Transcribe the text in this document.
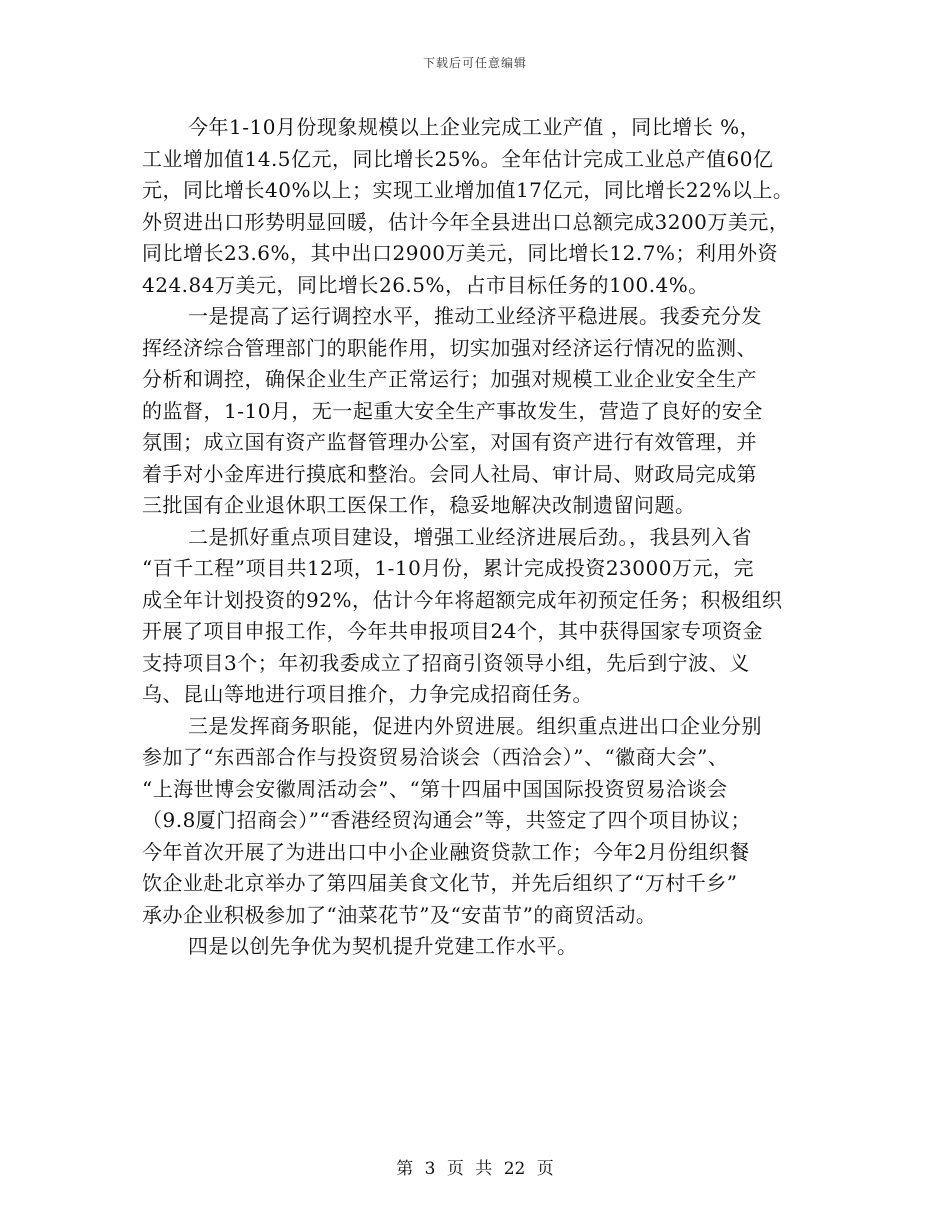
下载后可任意编辑
今年1-10月份现象规模以上企业完成工业产值 ，同比增长 %，
工业增加值14.5亿元，同比增长25%。全年估计完成工业总产值60亿
元，同比增长40%以上；实现工业增加值17亿元，同比增长22%以上。
外贸进出口形势明显回暖，估计今年全县进出口总额完成3200万美元，
同比增长23.6%，其中出口2900万美元，同比增长12.7%；利用外资
424.84万美元，同比增长26.5%，占市目标任务的100.4%。
一是提高了运行调控水平，推动工业经济平稳进展。我委充分发
挥经济综合管理部门的职能作用，切实加强对经济运行情况的监测、
分析和调控，确保企业生产正常运行；加强对规模工业企业安全生产
的监督，1-10月，无一起重大安全生产事故发生，营造了良好的安全
氛围；成立国有资产监督管理办公室，对国有资产进行有效管理，并
着手对小金库进行摸底和整治。会同人社局、审计局、财政局完成第
三批国有企业退休职工医保工作，稳妥地解决改制遗留问题。
二是抓好重点项目建设，增强工业经济进展后劲。，我县列入省
“百千工程”项目共12项，1-10月份，累计完成投资23000万元，完
成全年计划投资的92%，估计今年将超额完成年初预定任务；积极组织
开展了项目申报工作，今年共申报项目24个，其中获得国家专项资金
支持项目3个；年初我委成立了招商引资领导小组，先后到宁波、义
乌、昆山等地进行项目推介，力争完成招商任务。
三是发挥商务职能，促进内外贸进展。组织重点进出口企业分别
参加了“东西部合作与投资贸易洽谈会（西洽会）”、“徽商大会”、
“上海世博会安徽周活动会”、“第十四届中国国际投资贸易洽谈会
（9.8厦门招商会）”“香港经贸沟通会”等，共签定了四个项目协议；
今年首次开展了为进出口中小企业融资贷款工作；今年2月份组织餐
饮企业赴北京举办了第四届美食文化节，并先后组织了“万村千乡”
承办企业积极参加了“油菜花节”及“安苗节”的商贸活动。
四是以创先争优为契机提升党建工作水平。
第 3 页 共 22 页
